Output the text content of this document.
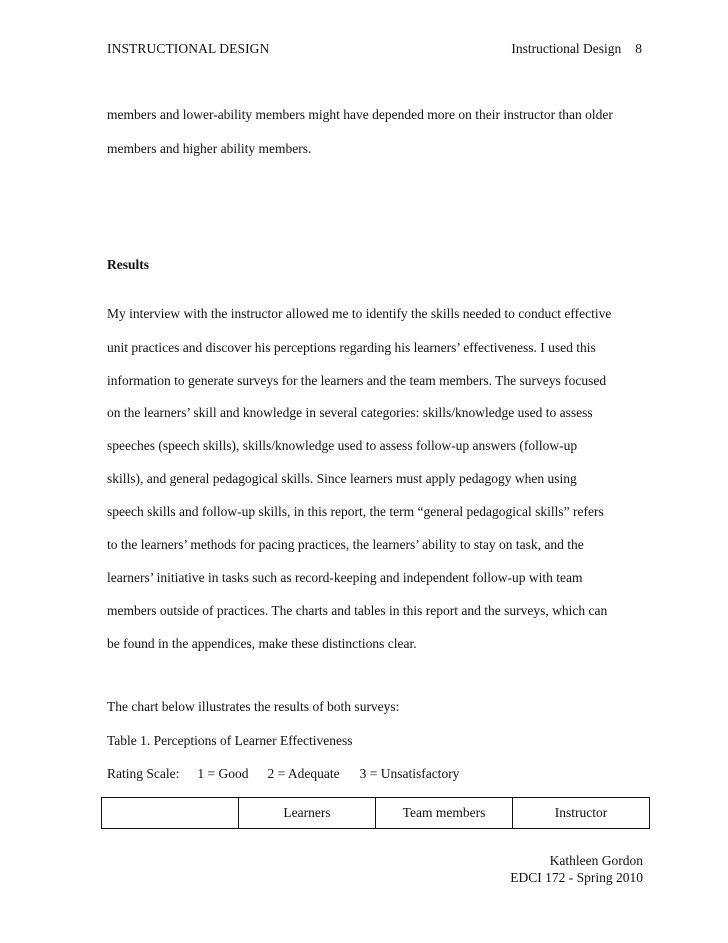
INSTRUCTIONAL DESIGN	Instructional Design 8
members and lower-ability members might have depended more on their instructor than older
members and higher ability members.
Results
My interview with the instructor allowed me to identify the skills needed to conduct effective
unit practices and discover his perceptions regarding his learners’ effectiveness. I used this
information to generate surveys for the learners and the team members. The surveys focused
on the learners’ skill and knowledge in several categories: skills/knowledge used to assess
speeches (speech skills), skills/knowledge used to assess follow-up answers (follow-up
skills), and general pedagogical skills. Since learners must apply pedagogy when using
speech skills and follow-up skills, in this report, the term “general pedagogical skills” refers
to the learners’ methods for pacing practices, the learners’ ability to stay on task, and the
learners’ initiative in tasks such as record-keeping and independent follow-up with team
members outside of practices. The charts and tables in this report and the surveys, which can
be found in the appendices, make these distinctions clear.
The chart below illustrates the results of both surveys:
Table 1. Perceptions of Learner Effectiveness
Rating Scale: 1 = Good 2 = Adequate 3 = Unsatisfactory
	Learners	Team members	Instructor
Kathleen Gordon
EDCI 172 - Spring 2010
